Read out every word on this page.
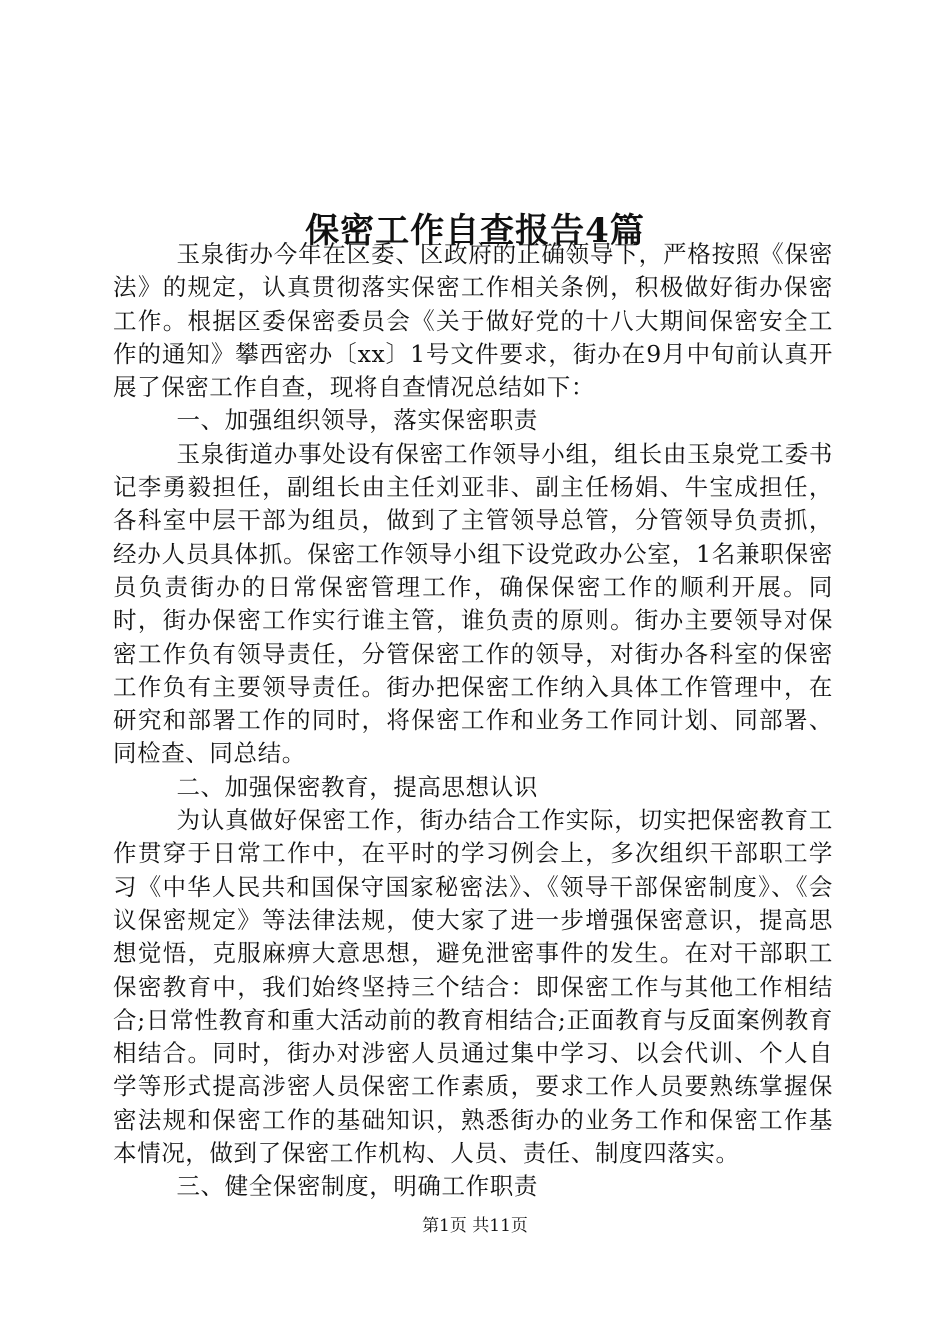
保密工作自查报告4篇

玉泉街办今年在区委、区政府的正确领导下，严格按照《保密法》的规定，认真贯彻落实保密工作相关条例，积极做好街办保密工作。根据区委保密委员会《关于做好党的十八大期间保密安全工作的通知》攀西密办〔xx〕1号文件要求，街办在9月中旬前认真开展了保密工作自查，现将自查情况总结如下：

一、加强组织领导，落实保密职责

玉泉街道办事处设有保密工作领导小组，组长由玉泉党工委书记李勇毅担任，副组长由主任刘亚非、副主任杨娟、牛宝成担任，各科室中层干部为组员，做到了主管领导总管，分管领导负责抓，经办人员具体抓。保密工作领导小组下设党政办公室，1名兼职保密员负责街办的日常保密管理工作，确保保密工作的顺利开展。同时，街办保密工作实行谁主管，谁负责的原则。街办主要领导对保密工作负有领导责任，分管保密工作的领导，对街办各科室的保密工作负有主要领导责任。街办把保密工作纳入具体工作管理中，在研究和部署工作的同时，将保密工作和业务工作同计划、同部署、同检查、同总结。

二、加强保密教育，提高思想认识

为认真做好保密工作，街办结合工作实际，切实把保密教育工作贯穿于日常工作中，在平时的学习例会上，多次组织干部职工学习《中华人民共和国保守国家秘密法》、《领导干部保密制度》、《会议保密规定》等法律法规，使大家了进一步增强保密意识，提高思想觉悟，克服麻痹大意思想，避免泄密事件的发生。在对干部职工保密教育中，我们始终坚持三个结合：即保密工作与其他工作相结合;日常性教育和重大活动前的教育相结合;正面教育与反面案例教育相结合。同时，街办对涉密人员通过集中学习、以会代训、个人自学等形式提高涉密人员保密工作素质，要求工作人员要熟练掌握保密法规和保密工作的基础知识，熟悉街办的业务工作和保密工作基本情况，做到了保密工作机构、人员、责任、制度四落实。

三、健全保密制度，明确工作职责

第1页 共11页
